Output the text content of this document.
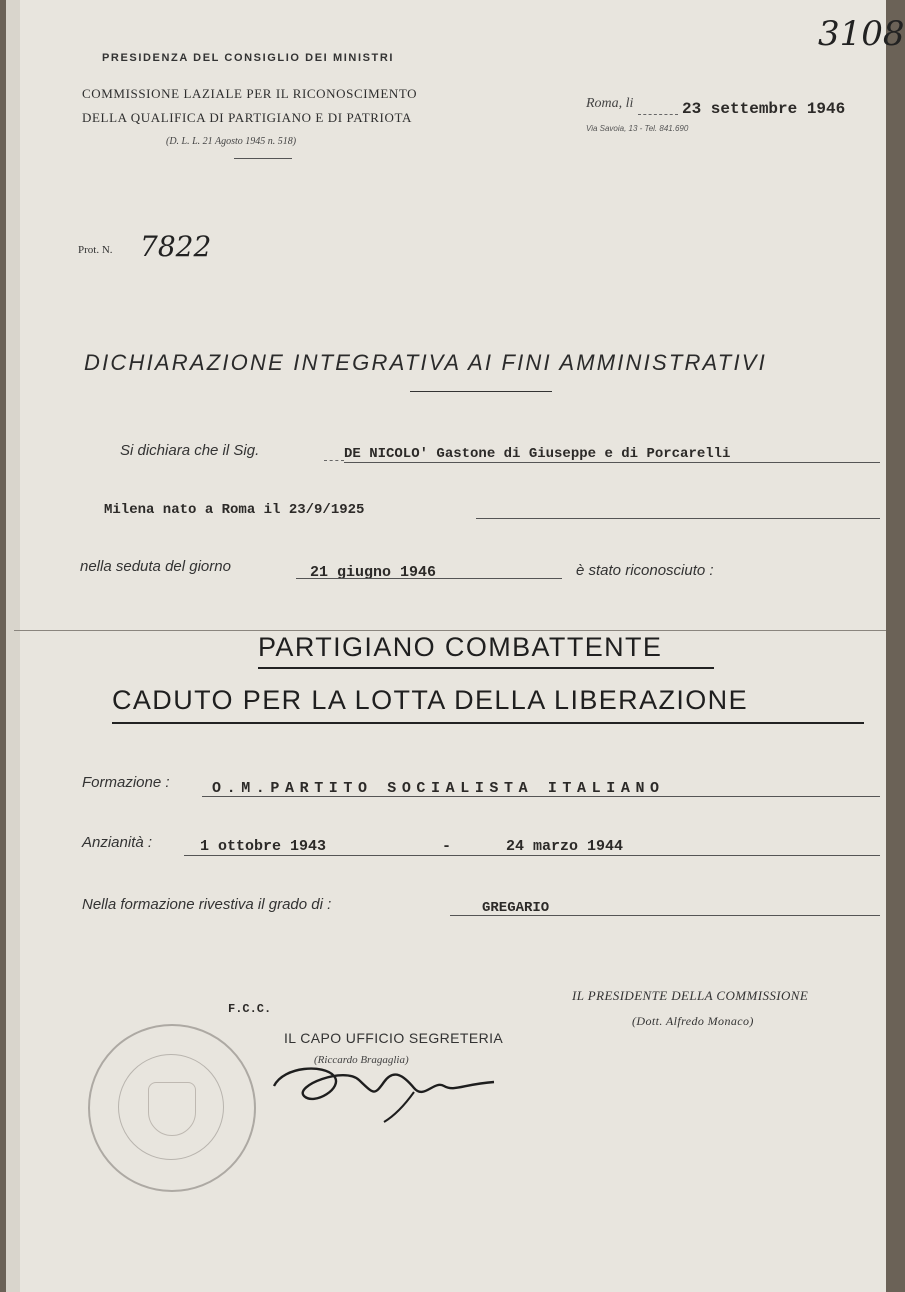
PRESIDENZA DEL CONSIGLIO DEI MINISTRI
COMMISSIONE LAZIALE PER IL RICONOSCIMENTO
DELLA QUALIFICA DI PARTIGIANO E DI PATRIOTA
(D. L. L. 21 Agosto 1945 n. 518)
Roma, li	23 settembre 1946
Via Savoia, 13 - Tel. 841.690
3108
Prot. N. 7822
DICHIARAZIONE INTEGRATIVA AI FINI AMMINISTRATIVI
Si dichiara che il Sig.	DE NICOLO' Gastone di Giuseppe e di Porcarelli
Milena nato a Roma il 23/9/1925
nella seduta del giorno	21 giugno 1946	è stato riconosciuto :
PARTIGIANO COMBATTENTE
CADUTO PER LA LOTTA DELLA LIBERAZIONE
Formazione :	O.M.PARTITO SOCIALISTA ITALIANO
Anzianità :	1 ottobre 1943	-	24 marzo 1944
Nella formazione rivestiva il grado di :	GREGARIO
F.C.C.
IL CAPO UFFICIO SEGRETERIA
(Riccardo Bragaglia)
IL PRESIDENTE DELLA COMMISSIONE
(Dott. Alfredo Monaco)
